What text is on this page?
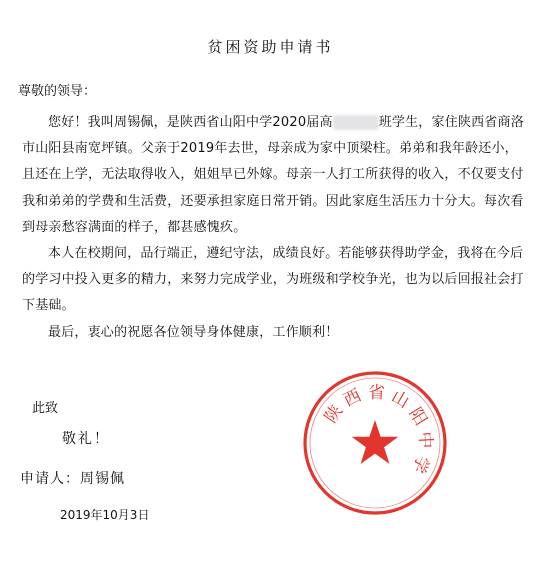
贫困资助申请书
尊敬的领导：

您好！我叫周锡佩，是陕西省山阳中学2020届高	班学生，家住陕西省商洛市山阳县南宽坪镇。父亲于2019年去世，母亲成为家中顶梁柱。弟弟和我年龄还小，且还在上学，无法取得收入，姐姐早已外嫁。母亲一人打工所获得的收入，不仅要支付我和弟弟的学费和生活费，还要承担家庭日常开销。因此家庭生活压力十分大。每次看到母亲愁容满面的样子，都甚感愧疚。

本人在校期间，品行端正，遵纪守法，成绩良好。若能够获得助学金，我将在今后的学习中投入更多的精力，来努力完成学业，为班级和学校争光，也为以后回报社会打下基础。

最后，衷心的祝愿各位领导身体健康，工作顺利！

此致
敬礼！
申请人：周锡佩
2019年10月3日
陕
西 省 山
阳
中
学
